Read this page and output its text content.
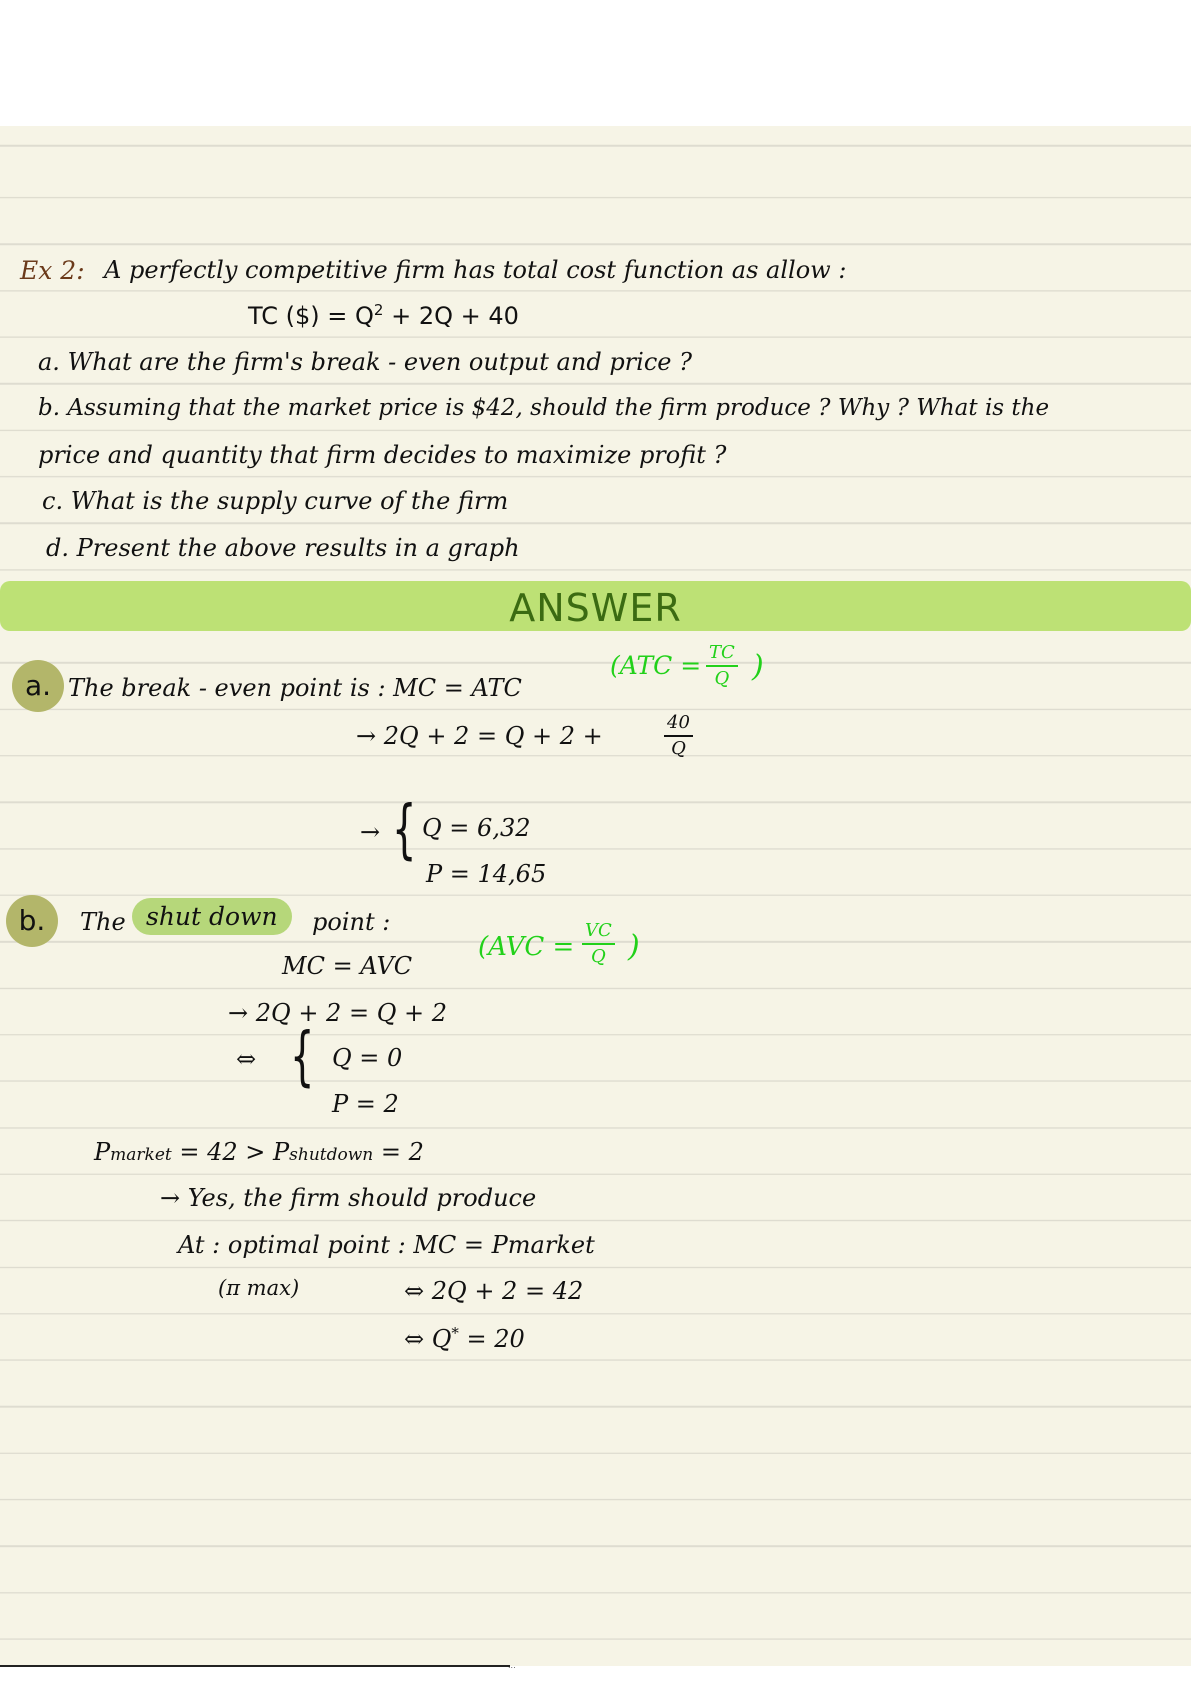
Ex 2: A perfectly competitive firm has total cost function as allow :
TC ($) = $Q^2 + 2Q + 40$
a. What are the firm's break - even output and price ?
b. Assuming that the market price is $42, should the firm produce ? Why ? What is the
price and quantity that firm decides to maximize profit ?
c. What is the supply curve of the firm
d. Present the above results in a graph
ANSWER
a. The break - even point is : MC = ATC
(ATC = TC
Q )
→ 2Q + 2 = Q + 2 +	40
Q
→ { Q = 6,32
P = 14,65
b.	The shut down	point :
MC = AVC
(AVC =
VC
Q )
→ 2Q + 2 = Q + 2
⇔ { Q = 0
P = 2
Pmarket = 42 > Pshutdown = 2
→ Yes, the firm should produce
At : optimal point : MC = Pmarket
(π max)	⇔ 2Q + 2 = 42
⇔ Q* = 20
...
